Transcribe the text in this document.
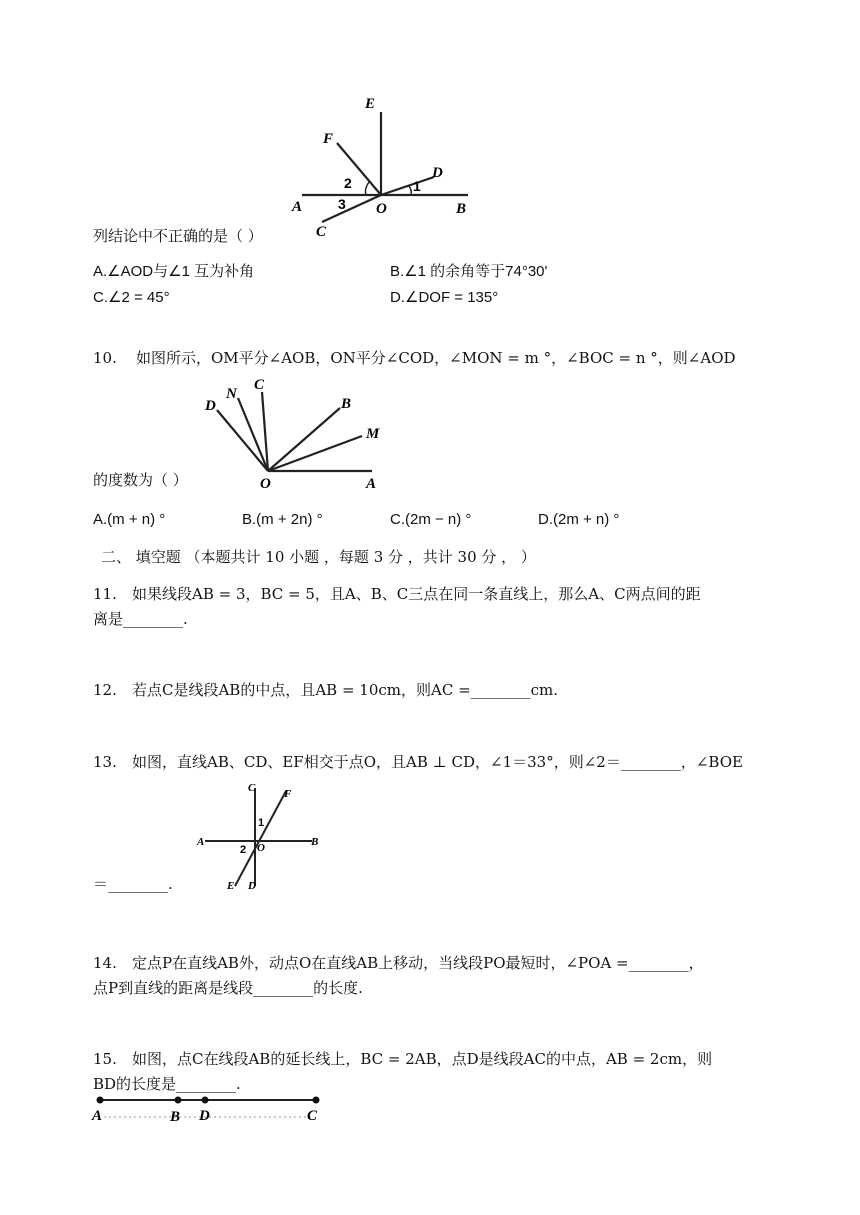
E
F
D
A	O	B
C
1
2
3
列结论中不正确的是（ ）
A.∠AOD与∠1 互为补角	B.∠1 的余角等于74°30'
C.∠2 = 45°	D.∠DOF = 135°
10. 如图所示，OM平分∠AOB，ON平分∠COD，∠MON = m °，∠BOC = n °，则∠AOD
D
N
C
B
M
O	A
的度数为（ ）
A.(m + n) °	B.(m + 2n) °	C.(2m − n) °	D.(2m + n) °
二、 填空题 （本题共计 10 小题 ，每题 3 分 ，共计 30 分 ， ）
11. 如果线段AB = 3，BC = 5，且A、B、C三点在同一条直线上，那么A、C两点间的距
离是________.
12. 若点C是线段AB的中点，且AB = 10cm，则AC =________cm.
13. 如图，直线AB、CD、EF相交于点O，且AB ⊥ CD，∠1＝33°，则∠2＝________，∠BOE
C	F
A	O	B
E D
1
2
＝________.
14. 定点P在直线AB外，动点O在直线AB上移动，当线段PO最短时，∠POA =________，
点P到直线的距离是线段________的长度.
15. 如图，点C在线段AB的延长线上，BC = 2AB，点D是线段AC的中点，AB = 2cm，则
BD的长度是________.
A	B D	C
